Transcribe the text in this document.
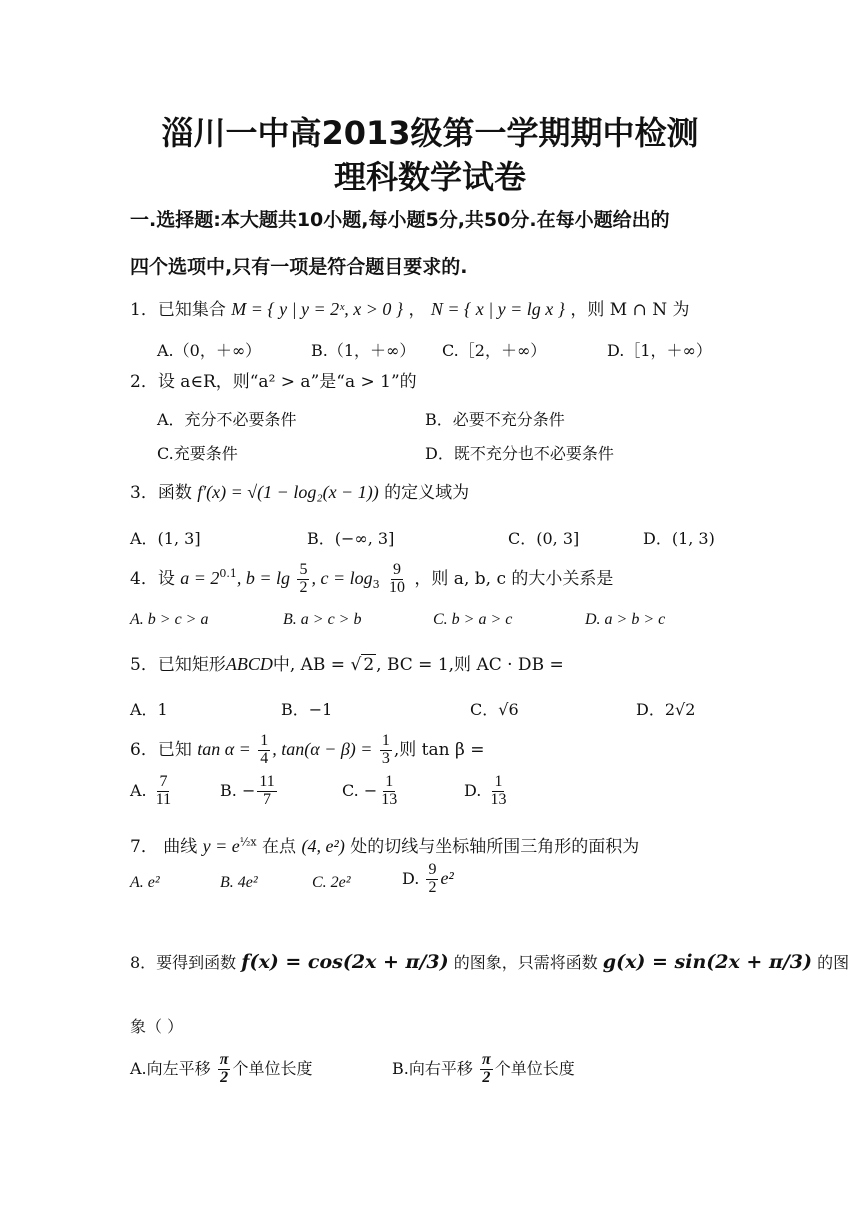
淄川一中高2013级第一学期期中检测
理科数学试卷
一.选择题:本大题共10小题,每小题5分,共50分.在每小题给出的
四个选项中,只有一项是符合题目要求的.
1．已知集合 M = { y | y = 2ˣ, x > 0 } ， N = { x | y = lg x } ，则 M ∩ N 为
A.（0，＋∞）	B.（1，＋∞） C.［2，＋∞）	D.［1，＋∞）
2．设 a∈R，则“a² > a”是“a > 1”的
A．充分不必要条件	B．必要不充分条件
C.充要条件	D．既不充分也不必要条件
3．函数 f′(x) = √(1 − log₂(x − 1)) 的定义域为
A．(1, 3]	B．(−∞, 3]	C．(0, 3]	D．(1, 3)
4．设 $a = 2^{0.1}$, $b = \lg \frac{5}{2}$ , $c = \log_3 \frac{9}{10}$ ，则 a, b, c 的大小关系是
A. b > c > a	B. a > c > b	C. b > a > c	D. a > b > c
5．已知矩形ABCD中, AB = √ 2 , BC = 1,则 AC · DB =
A．1	B．−1	C．√6	D．2√2
6．已知 $\tan \alpha = \frac{1}{4}$ , $\tan(\alpha - \beta) = \frac{1}{3}$ ,则 tan β =
A. $\frac{7}{11}$	B. − $\frac{11}{7}$	C. − $\frac{1}{13}$	D. $\frac{1}{13}$
7． 曲线 $y = e^{\frac{1}{2}x}$ 在点 (4, e²) 处的切线与坐标轴所围三角形的面积为
A. e²	B. 4e²	C. 2e²	D. $\frac{9}{2} e^2$
8．要得到函数 f(x) = cos(2x + π/3) 的图象，只需将函数 g(x) = sin(2x + π/3) 的图
象（ ）
A.向左平移 $\frac{\pi}{2}$ 个单位长度	B.向右平移 $\frac{\pi}{2}$ 个单位长度
